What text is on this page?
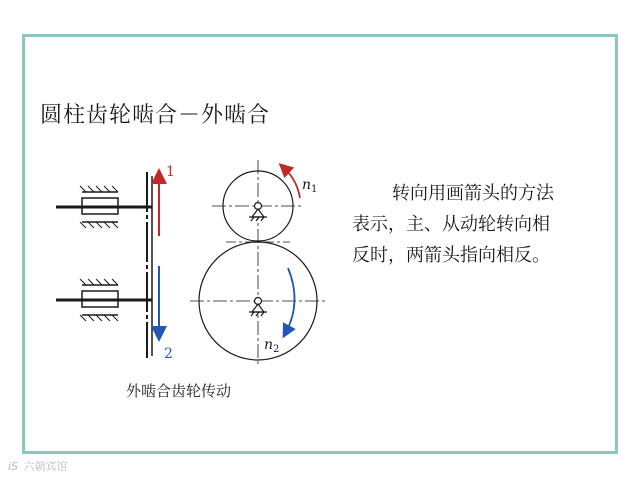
圆柱齿轮啮合－外啮合
1
2
$n_1$
$n_2$
转向用画箭头的方法
表示，主、从动轮转向相
反时，两箭头指向相反。
外啮合齿轮传动
iS 六朝宾馆
